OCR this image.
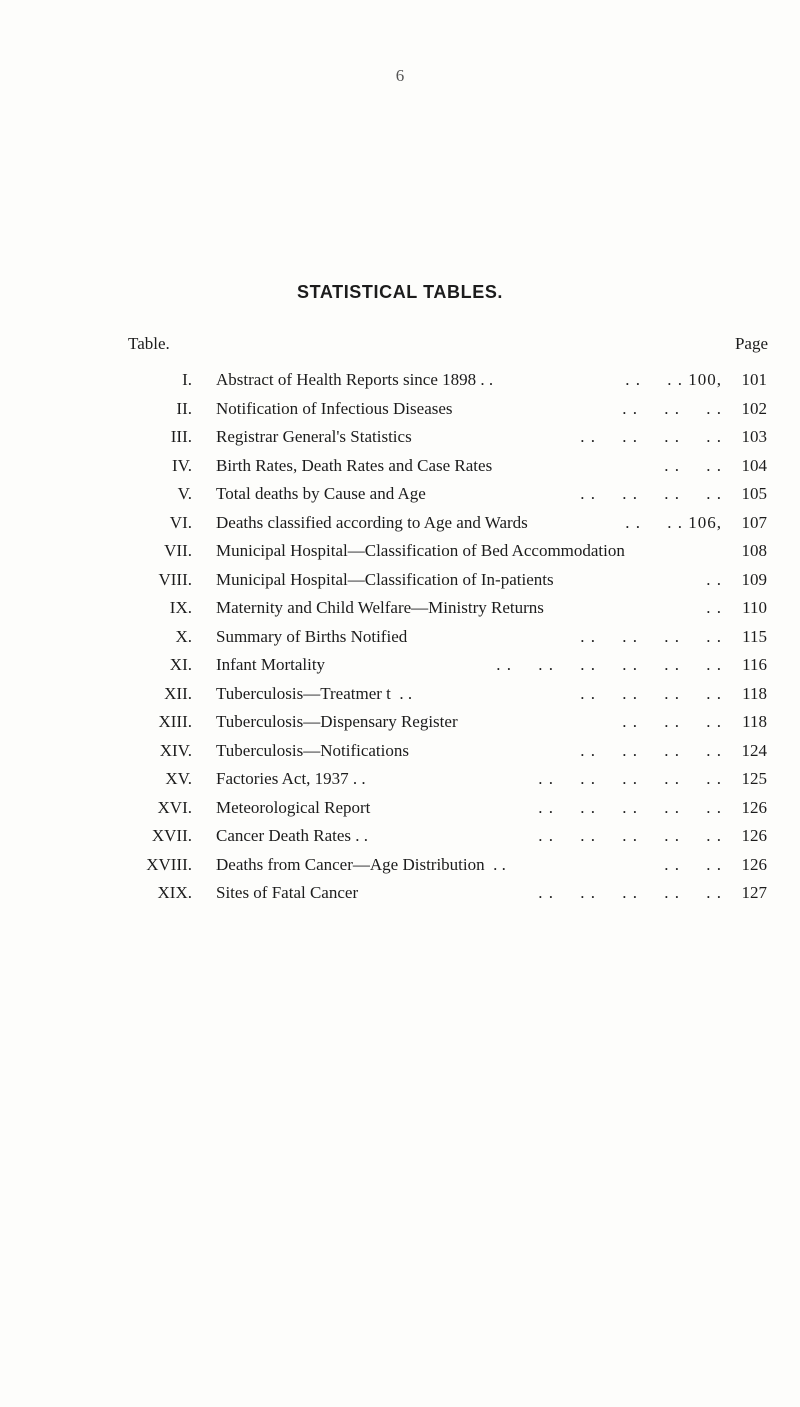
6
STATISTICAL TABLES.
Table.	Page
I. Abstract of Health Reports since 1898 . .	. .     . . 100, 101
II. Notification of Infectious Diseases	. .     . .     . . 102
III. Registrar General's Statistics	. .     . .     . .     . . 103
IV. Birth Rates, Death Rates and Case Rates	. .     . . 104
V. Total deaths by Cause and Age	. .     . .     . .     . . 105
VI. Deaths classified according to Age and Wards	. .     . . 106, 107
VII. Municipal Hospital—Classification of Bed Accommodation	108
VIII. Municipal Hospital—Classification of In-patients	. . 109
IX. Maternity and Child Welfare—Ministry Returns	. . 110
X. Summary of Births Notified	. .     . .     . .     . . 115
XI. Infant Mortality	. .     . .     . .     . .     . .     . . 116
XII. Tuberculosis—Treatmer t  . .	. .     . .     . .     . . 118
XIII. Tuberculosis—Dispensary Register	. .     . .     . . 118
XIV. Tuberculosis—Notifications	. .     . .     . .     . . 124
XV. Factories Act, 1937 . .	. .     . .     . .     . .     . . 125
XVI. Meteorological Report	. .     . .     . .     . .     . . 126
XVII. Cancer Death Rates . .	. .     . .     . .     . .     . . 126
XVIII. Deaths from Cancer—Age Distribution  . .	. .     . . 126
XIX. Sites of Fatal Cancer	. .     . .     . .     . .     . . 127
